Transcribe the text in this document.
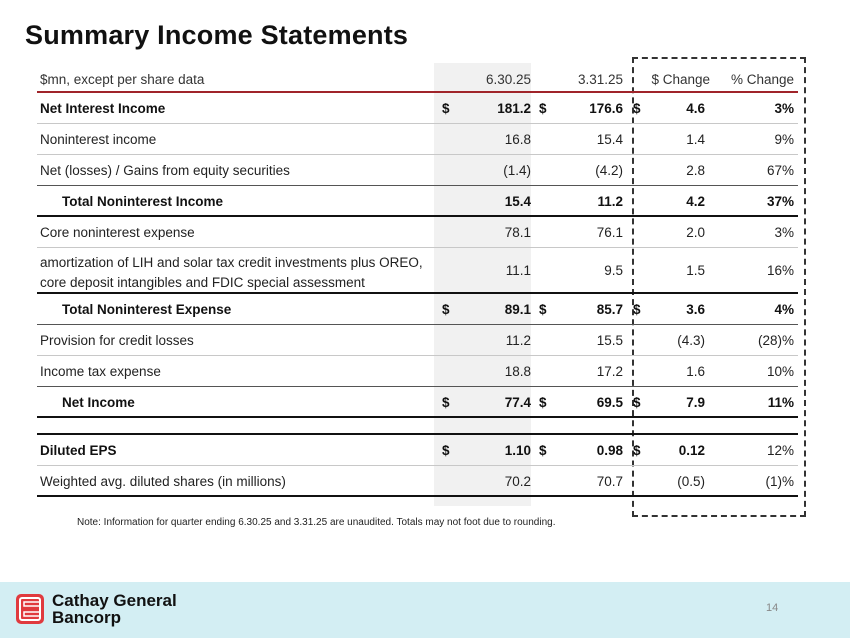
Summary Income Statements
$mn, except per share data	6.30.25	3.31.25 $ Change % Change
Net Interest Income	$	181.2 $	176.6 $	4.6	3%
Noninterest income	16.8	15.4	1.4	9%
Net (losses) / Gains from equity securities	(1.4)	(4.2)	2.8	67%
Total Noninterest Income	15.4	11.2	4.2	37%
Core noninterest expense	78.1	76.1	2.0	3%
amortization of LIH and solar tax credit investments plus OREO,
core deposit intangibles and FDIC special assessment
11.1	9.5	1.5	16%
Total Noninterest Expense	$	89.1 $	85.7 $	3.6	4%
Provision for credit losses	11.2	15.5	(4.3)	(28)%
Income tax expense	18.8	17.2	1.6	10%
Net Income	$	77.4 $	69.5 $	7.9	11%
Diluted EPS	$	1.10 $	0.98 $	0.12	12%
Weighted avg. diluted shares (in millions)	70.2	70.7	(0.5)	(1)%
Note: Information for quarter ending 6.30.25 and 3.31.25 are unaudited. Totals may not foot due to rounding.
Cathay General
Bancorp	14
